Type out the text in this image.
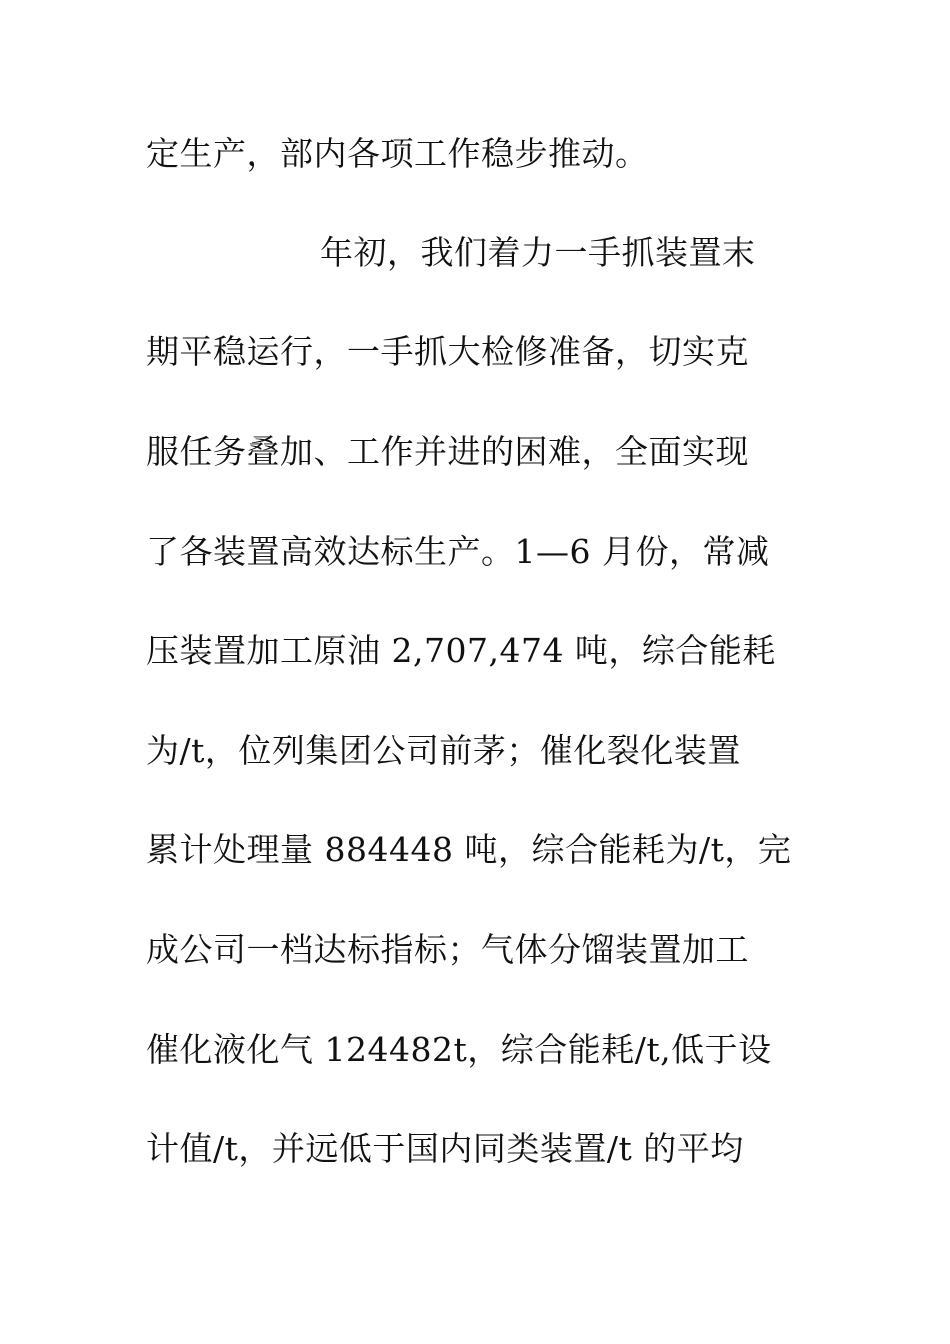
定生产，部内各项工作稳步推动。
年初，我们着力一手抓装置末
期平稳运行，一手抓大检修准备，切实克
服任务叠加、工作并进的困难，全面实现
了各装置高效达标生产。1—6 月份，常减
压装置加工原油 2,707,474 吨，综合能耗
为/t，位列集团公司前茅；催化裂化装置
累计处理量 884448 吨，综合能耗为/t，完
成公司一档达标指标；气体分馏装置加工
催化液化气 124482t，综合能耗/t,低于设
计值/t，并远低于国内同类装置/t 的平均
